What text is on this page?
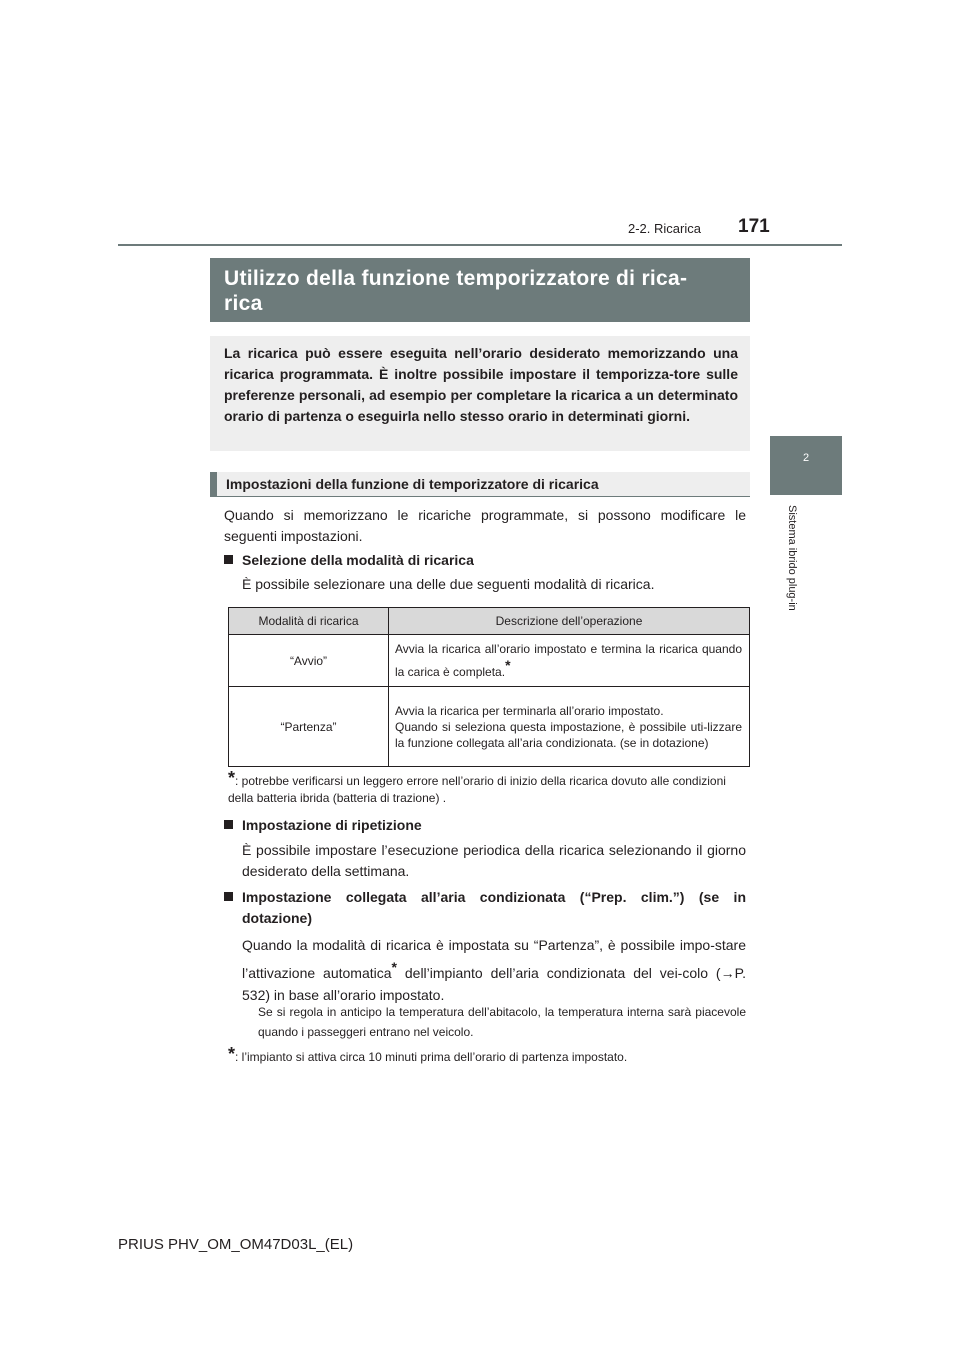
2-2. Ricarica 171
2
Sistema ibrido plug-in
Utilizzo della funzione temporizzatore di rica-
rica
La ricarica può essere eseguita nell’orario desiderato memorizzando una ricarica programmata. È inoltre possibile impostare il temporizza-tore sulle preferenze personali, ad esempio per completare la ricarica a un determinato orario di partenza o eseguirla nello stesso orario in determinati giorni.
Impostazioni della funzione di temporizzatore di ricarica
Quando si memorizzano le ricariche programmate, si possono modificare le seguenti impostazioni.
Selezione della modalità di ricarica
È possibile selezionare una delle due seguenti modalità di ricarica.
Modalità di ricarica	Descrizione dell’operazione
“Avvio”	Avvia la ricarica all’orario impostato e termina la ricarica quando la carica è completa.*
“Partenza”	Avvia la ricarica per terminarla all’orario impostato.
Quando si seleziona questa impostazione, è possibile uti-lizzare la funzione collegata all’aria condizionata. (se in dotazione)
*: potrebbe verificarsi un leggero errore nell’orario di inizio della ricarica dovuto alle condizioni della batteria ibrida (batteria di trazione) .
Impostazione di ripetizione
È possibile impostare l’esecuzione periodica della ricarica selezionando il giorno desiderato della settimana.
Impostazione collegata all’aria condizionata (“Prep. clim.”) (se in dotazione)
Quando la modalità di ricarica è impostata su “Partenza”, è possibile impo-stare l’attivazione automatica* dell’impianto dell’aria condizionata del vei-colo (→P. 532) in base all’orario impostato.
Se si regola in anticipo la temperatura dell’abitacolo, la temperatura interna sarà piacevole quando i passeggeri entrano nel veicolo.
*: l’impianto si attiva circa 10 minuti prima dell’orario di partenza impostato.
PRIUS PHV_OM_OM47D03L_(EL)
